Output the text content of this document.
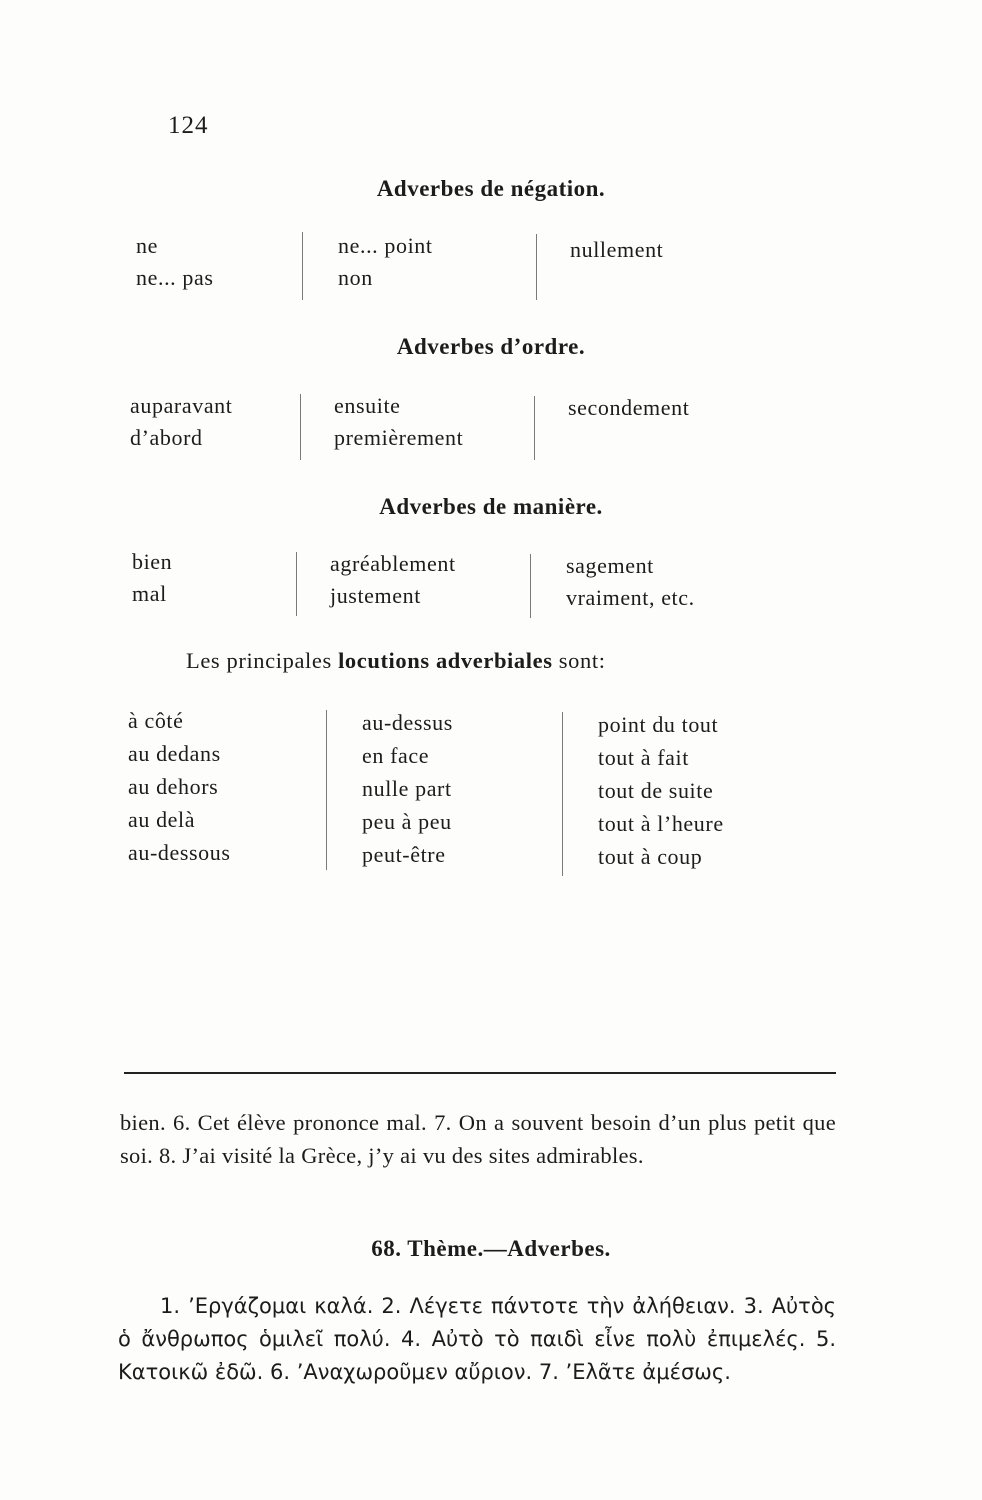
124
Adverbes de négation.
ne
ne... pas
ne... point
non
nullement
Adverbes d’ordre.
auparavant
d’abord
ensuite
premièrement
secondement
Adverbes de manière.
bien
mal
agréablement
justement
sagement
vraiment, etc.
Les principales locutions adverbiales sont:
à côté
au dedans
au dehors
au delà
au-dessous
au-dessus
en face
nulle part
peu à peu
peut-être
point du tout
tout à fait
tout de suite
tout à l’heure
tout à coup
bien. 6. Cet élève prononce mal. 7. On a souvent besoin d’un plus petit que soi. 8. J’ai visité la Grèce, j’y ai vu des sites admirables.
68. Thème.—Adverbes.
1. ’Εργάζομαι καλά. 2. Λέγετε πάντοτε τὴν ἀλήθειαν. 3. Αὐτὸς ὁ ἄνθρωπος ὁμιλεῖ πολύ. 4. Αὐτὸ τὸ παιδὶ εἶνε πολὺ ἐπιμελές. 5. Κατοικῶ ἐδῶ. 6. ’Αναχωροῦμεν αὔριον. 7. ’Ελᾶτε ἀμέσως.
